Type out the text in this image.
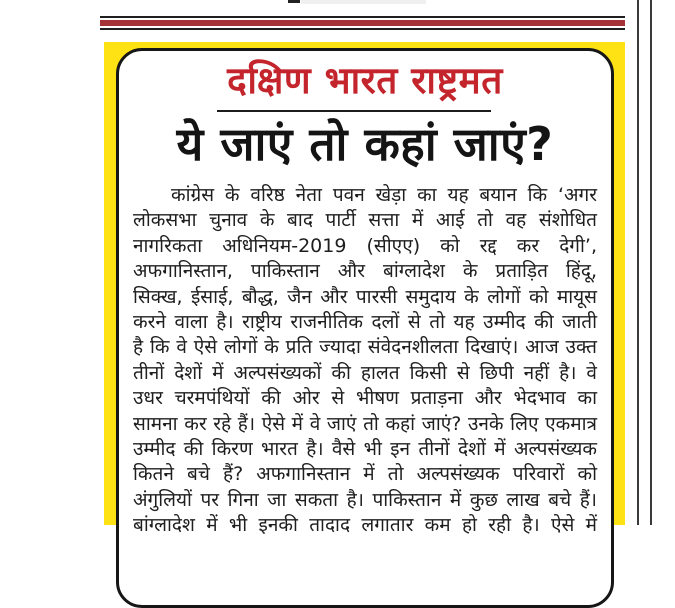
दक्षिण भारत राष्ट्रमत
ये जाएं तो कहां जाएं?
कांग्रेस के वरिष्ठ नेता पवन खेड़ा का यह बयान कि ‘अगर
लोकसभा चुनाव के बाद पार्टी सत्ता में आई तो वह संशोधित
नागरिकता अधिनियम-2019 (सीएए) को रद्द कर देगी’,
अफगानिस्तान, पाकिस्तान और बांग्लादेश के प्रताड़ित हिंदू,
सिक्ख, ईसाई, बौद्ध, जैन और पारसी समुदाय के लोगों को मायूस
करने वाला है। राष्ट्रीय राजनीतिक दलों से तो यह उम्मीद की जाती
है कि वे ऐसे लोगों के प्रति ज्यादा संवेदनशीलता दिखाएं। आज उक्त
तीनों देशों में अल्पसंख्यकों की हालत किसी से छिपी नहीं है। वे
उधर चरमपंथियों की ओर से भीषण प्रताड़ना और भेदभाव का
सामना कर रहे हैं। ऐसे में वे जाएं तो कहां जाएं? उनके लिए एकमात्र
उम्मीद की किरण भारत है। वैसे भी इन तीनों देशों में अल्पसंख्यक
कितने बचे हैं? अफगानिस्तान में तो अल्पसंख्यक परिवारों को
अंगुलियों पर गिना जा सकता है। पाकिस्तान में कुछ लाख बचे हैं।
बांग्लादेश में भी इनकी तादाद लगातार कम हो रही है। ऐसे में
